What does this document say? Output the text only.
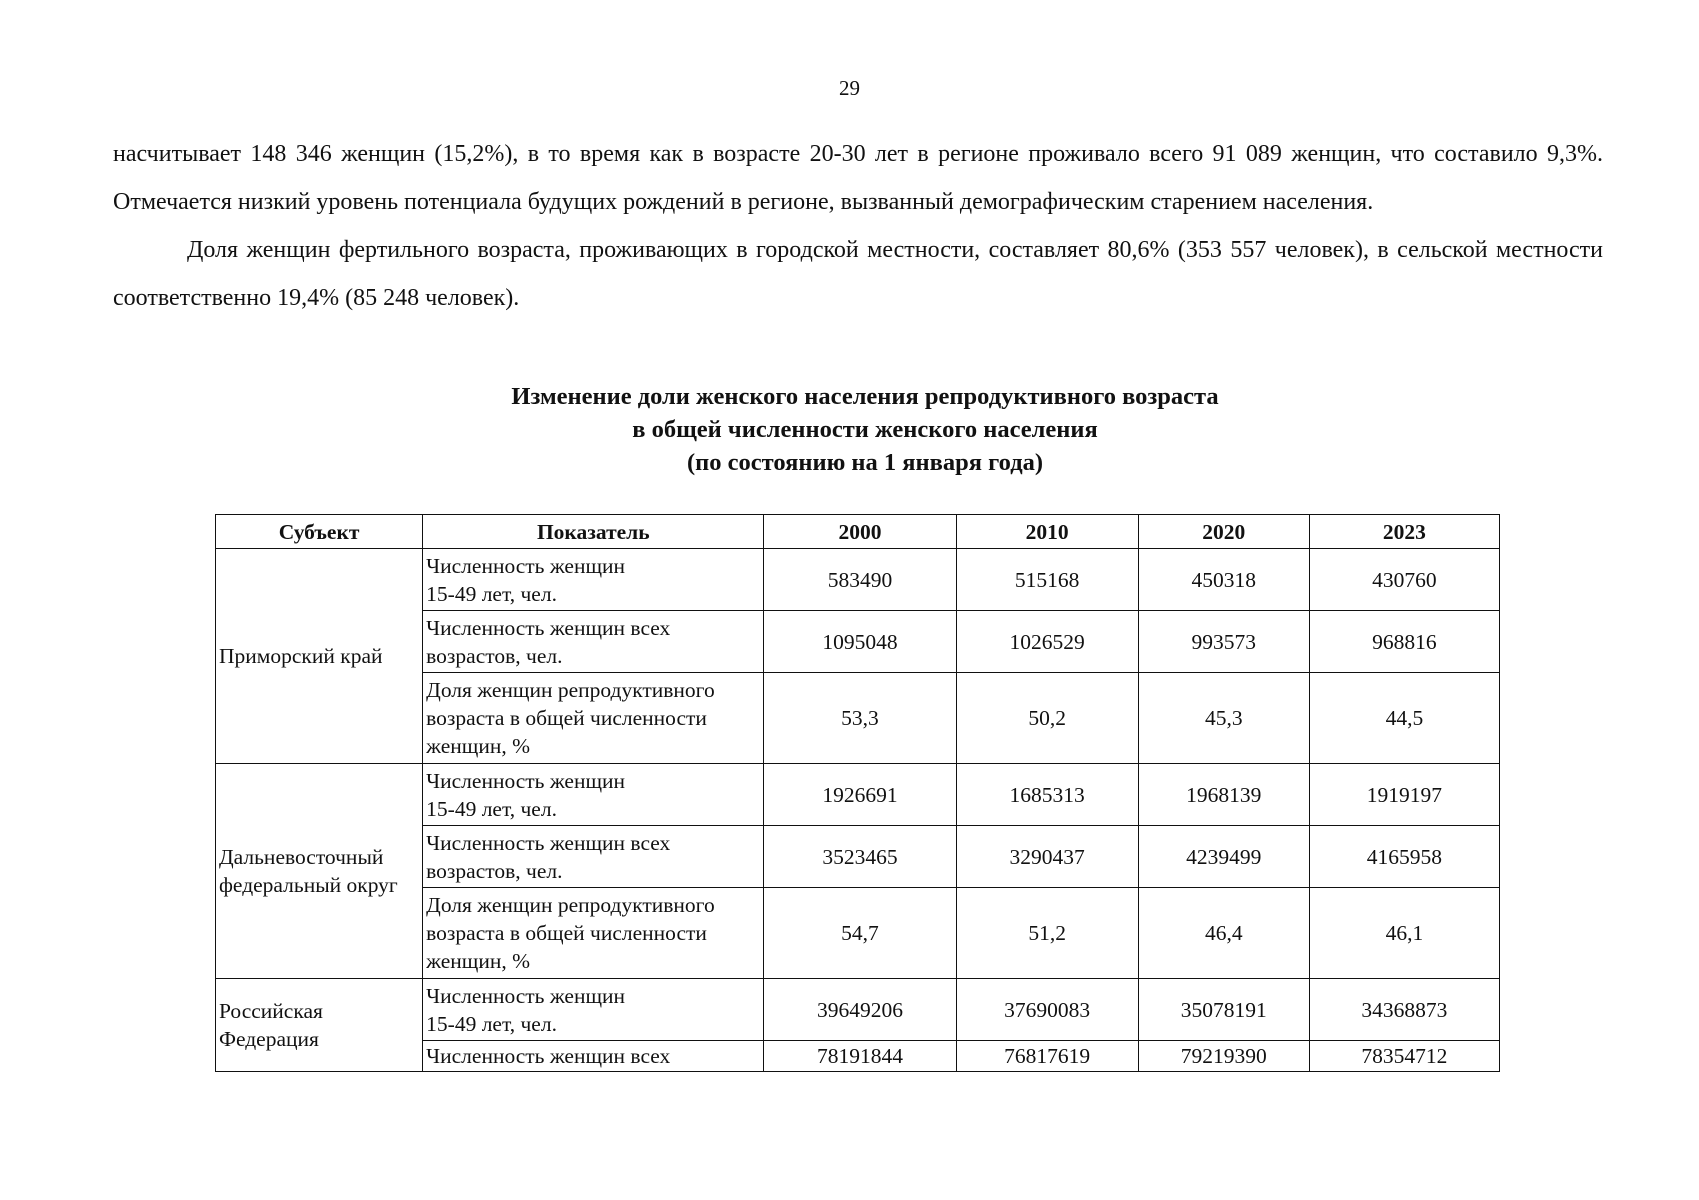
29

насчитывает 148 346 женщин (15,2%), в то время как в возрасте 20-30 лет в регионе проживало всего 91 089 женщин, что составило 9,3%. Отмечается низкий уровень потенциала будущих рождений в регионе, вызванный демографическим старением населения.

Доля женщин фертильного возраста, проживающих в городской местности, составляет 80,6% (353 557 человек), в сельской местности соответственно 19,4% (85 248 человек).

Изменение доли женского населения репродуктивного возраста
в общей численности женского населения
(по состоянию на 1 января года)
Субъект	Показатель	2000	2010	2020	2023
Приморский край	Численность женщин
15-49 лет, чел.	583490	515168	450318	430760

	Численность женщин всех
возрастов, чел.	1095048	1026529	993573	968816

	Доля женщин репродуктивного
возраста в общей численности
женщин, %	53,3	50,2	45,3	44,5
Дальневосточный федеральный округ	Численность женщин
15-49 лет, чел.	1926691	1685313	1968139	1919197

	Численность женщин всех
возрастов, чел.	3523465	3290437	4239499	4165958

	Доля женщин репродуктивного
возраста в общей численности
женщин, %	54,7	51,2	46,4	46,1
Российская Федерация	Численность женщин
15-49 лет, чел.	39649206	37690083	35078191	34368873

	Численность женщин всех	78191844	76817619	79219390	78354712
